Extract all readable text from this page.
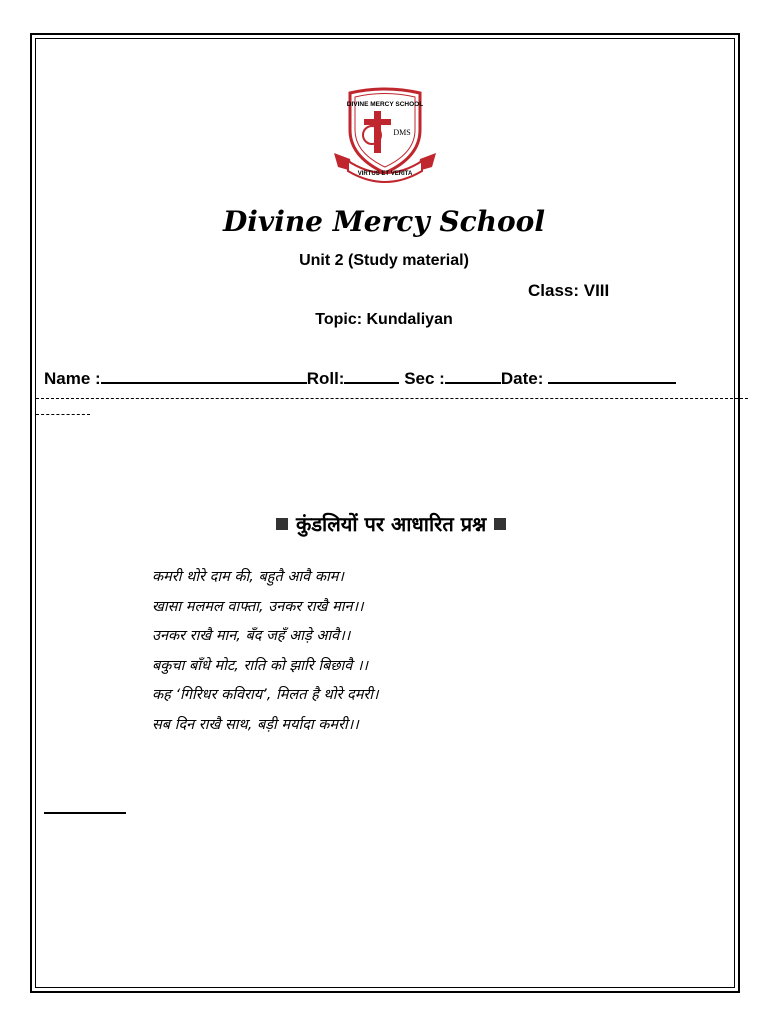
DIVINE MERCY SCHOOL
DMS
VIRTUS ET VERITA
Divine Mercy School
Unit 2 (Study material)
Class: VIII
Topic: Kundaliyan
Name :	Roll:	Sec :	Date:
कुंडलियों पर आधारित प्रश्न
कमरी थोरे दाम की, बहुतै आवै काम।
खासा मलमल वाफ्ता, उनकर राखै मान।।
उनकर राखै मान, बँद जहँ आड़े आवै।।
बकुचा बाँधे मोट, राति को झारि बिछावै ।।
कह ‘गिरिधर कविराय’, मिलत है थोरे दमरी।
सब दिन राखै साथ, बड़ी मर्यादा कमरी।।
